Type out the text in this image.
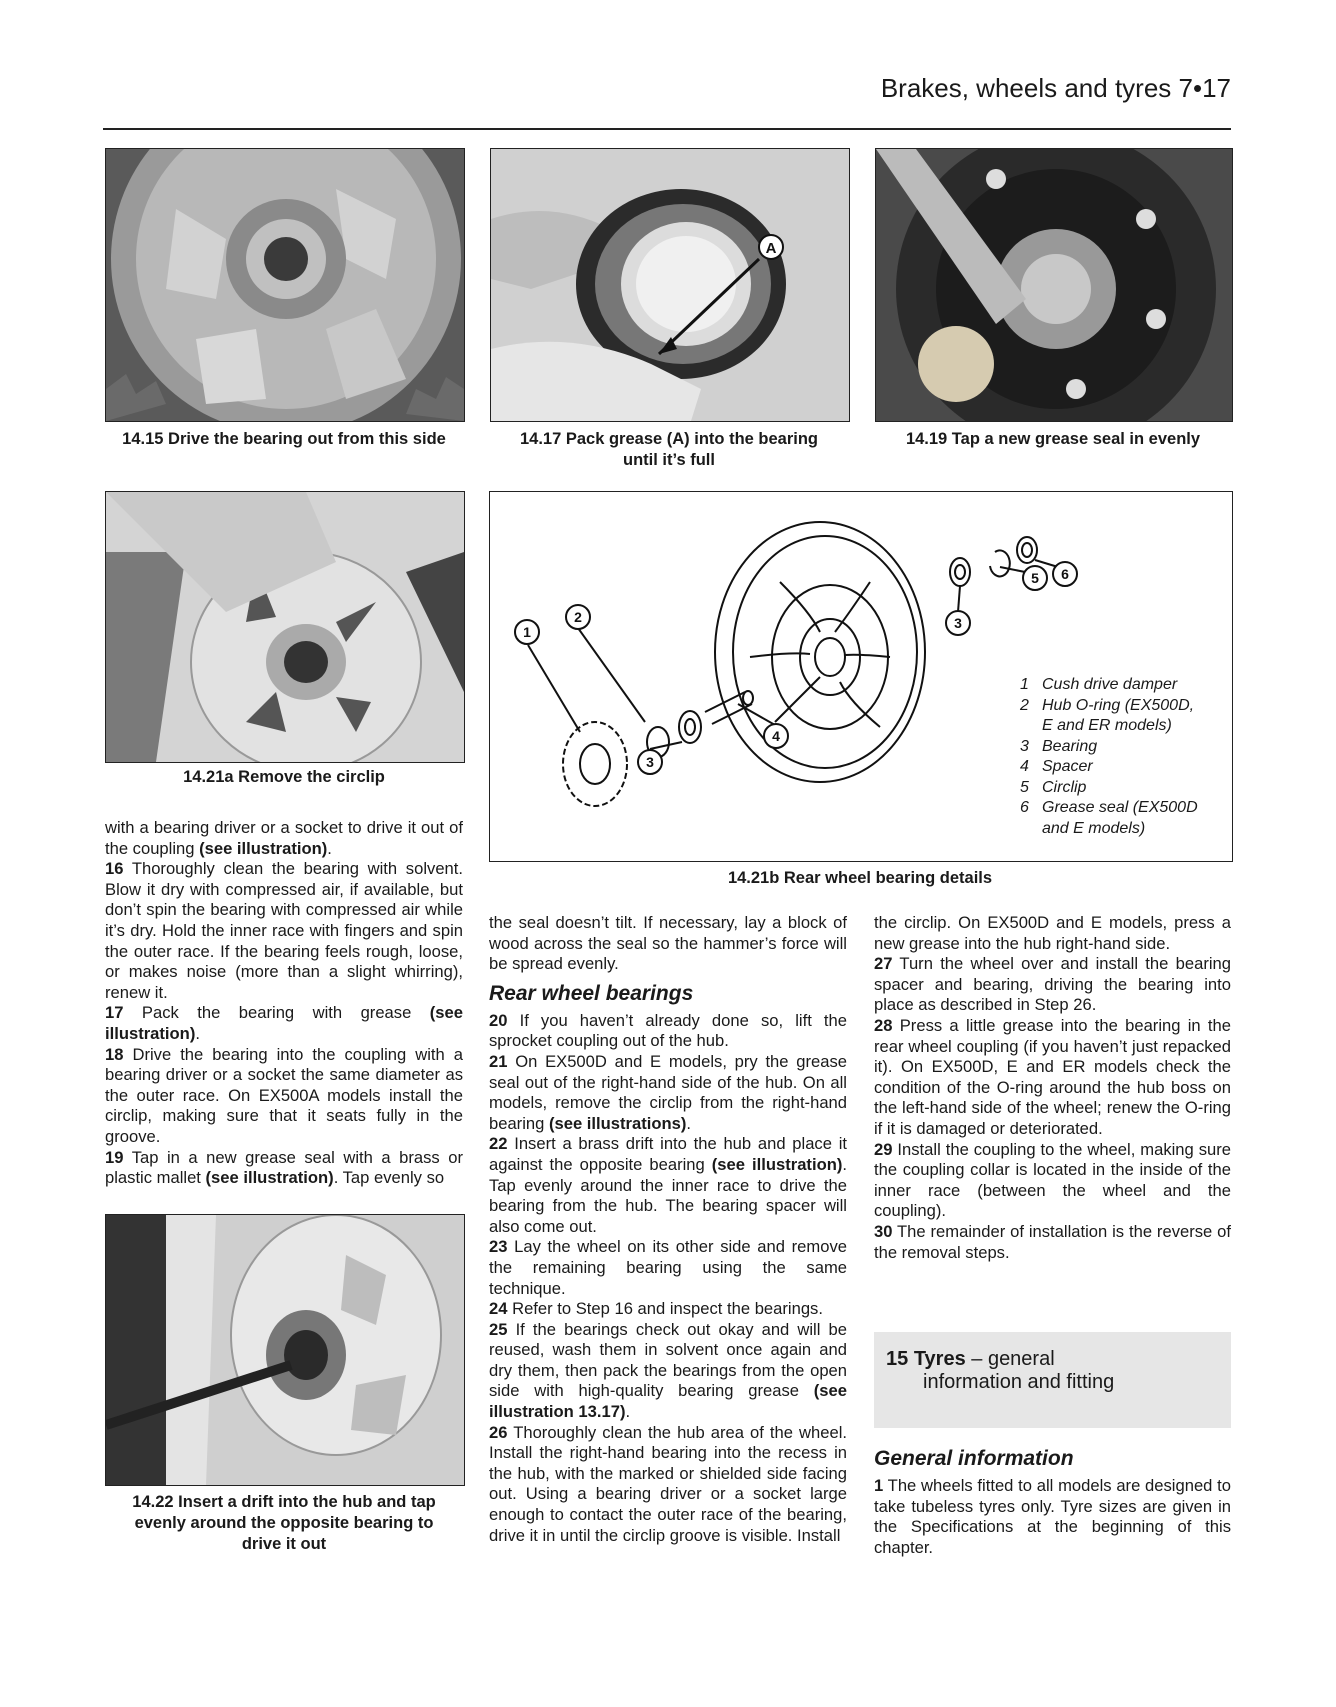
Brakes, wheels and tyres 7•17
14.15 Drive the bearing out from this side
A
14.17 Pack grease (A) into the bearing
until it’s full
14.19 Tap a new grease seal in evenly
14.21a Remove the circlip
1
2
3
4
3
5 6
1 Cush drive damper
2 Hub O-ring (EX500D,
E and ER models)
3 Bearing
4 Spacer
5 Circlip
6 Grease seal (EX500D
and E models)
14.21b Rear wheel bearing details
14.22 Insert a drift into the hub and tap
evenly around the opposite bearing to
drive it out

with a bearing driver or a socket to drive it out of the coupling (see illustration).

16 Thoroughly clean the bearing with solvent. Blow it dry with compressed air, if available, but don’t spin the bearing with compressed air while it’s dry. Hold the inner race with fingers and spin the outer race. If the bearing feels rough, loose, or makes noise (more than a slight whirring), renew it.

17 Pack the bearing with grease (see illustration).

18 Drive the bearing into the coupling with a bearing driver or a socket the same diameter as the outer race. On EX500A models install the circlip, making sure that it seats fully in the groove.

19 Tap in a new grease seal with a brass or plastic mallet (see illustration). Tap evenly so

the seal doesn’t tilt. If necessary, lay a block of wood across the seal so the hammer’s force will be spread evenly.

Rear wheel bearings

20 If you haven’t already done so, lift the sprocket coupling out of the hub.

21 On EX500D and E models, pry the grease seal out of the right-hand side of the hub. On all models, remove the circlip from the right-hand bearing (see illustrations).

22 Insert a brass drift into the hub and place it against the opposite bearing (see illustration). Tap evenly around the inner race to drive the bearing from the hub. The bearing spacer will also come out.

23 Lay the wheel on its other side and remove the remaining bearing using the same technique.

24 Refer to Step 16 and inspect the bearings.

25 If the bearings check out okay and will be reused, wash them in solvent once again and dry them, then pack the bearings from the open side with high-quality bearing grease (see illustration 13.17).

26 Thoroughly clean the hub area of the wheel. Install the right-hand bearing into the recess in the hub, with the marked or shielded side facing out. Using a bearing driver or a socket large enough to contact the outer race of the bearing, drive it in until the circlip groove is visible. Install

the circlip. On EX500D and E models, press a new grease into the hub right-hand side.

27 Turn the wheel over and install the bearing spacer and bearing, driving the bearing into place as described in Step 26.

28 Press a little grease into the bearing in the rear wheel coupling (if you haven’t just repacked it). On EX500D, E and ER models check the condition of the O-ring around the hub boss on the left-hand side of the wheel; renew the O-ring if it is damaged or deteriorated.

29 Install the coupling to the wheel, making sure the coupling collar is located in the inside of the inner race (between the wheel and the coupling).

30 The remainder of installation is the reverse of the removal steps.

15 Tyres – general
information and fitting
General information

1 The wheels fitted to all models are designed to take tubeless tyres only. Tyre sizes are given in the Specifications at the beginning of this chapter.
